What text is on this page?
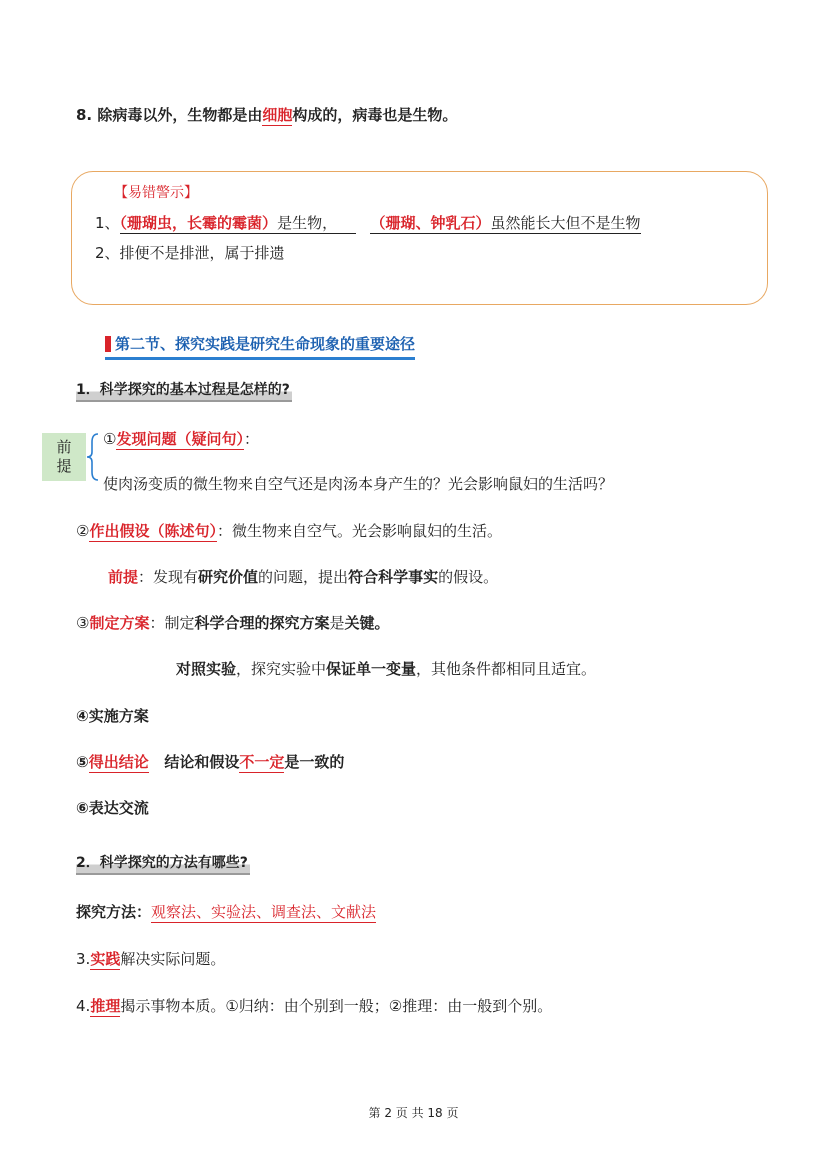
8. 除病毒以外，生物都是由细胞构成的，病毒也是生物。
【易错警示】
1、（珊瑚虫，长霉的霉菌）是生物， （珊瑚、钟乳石）虽然能长大但不是生物
2、排便不是排泄，属于排遗
第二节、探究实践是研究生命现象的重要途径
1．科学探究的基本过程是怎样的?
前
提
①发现问题（疑问句）：
使肉汤变质的微生物来自空气还是肉汤本身产生的？光会影响鼠妇的生活吗？
②作出假设（陈述句）：微生物来自空气。光会影响鼠妇的生活。
前提：发现有研究价值的问题，提出符合科学事实的假设。
③制定方案：制定科学合理的探究方案是关键。
对照实验，探究实验中保证单一变量，其他条件都相同且适宜。
④实施方案
⑤得出结论 结论和假设不一定是一致的
⑥表达交流
2．科学探究的方法有哪些?
探究方法：观察法、实验法、调查法、文献法
3.实践解决实际问题。
4.推理揭示事物本质。①归纳：由个别到一般；②推理：由一般到个别。
第 2 页 共 18 页
